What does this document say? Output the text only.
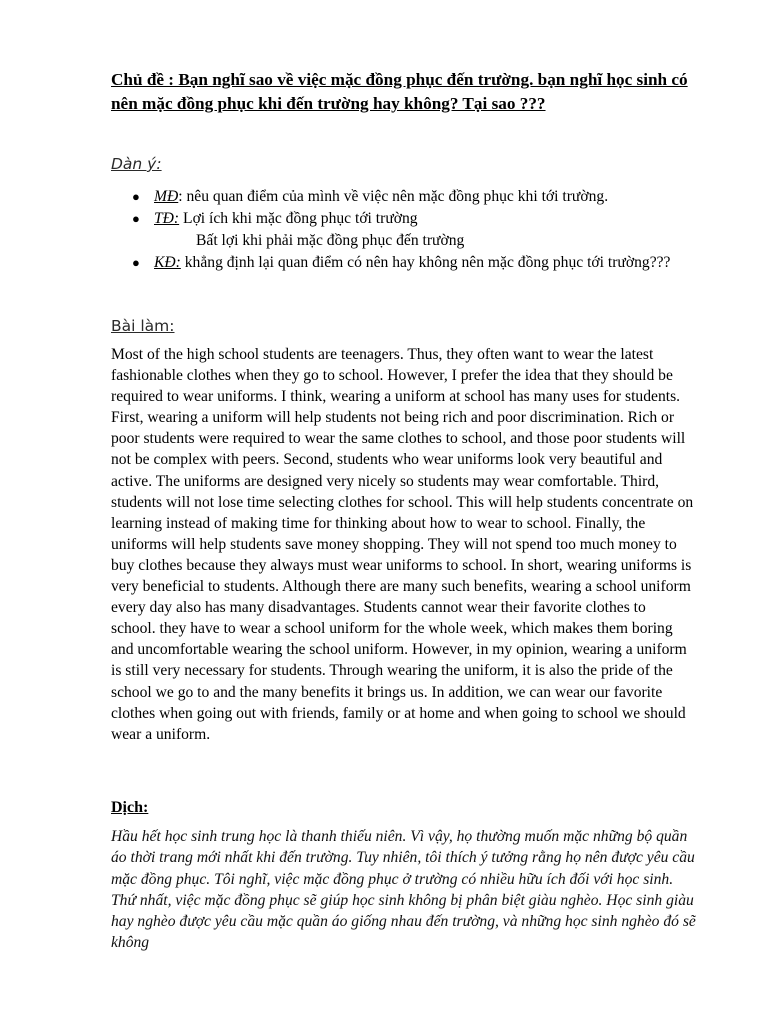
Chủ đề : Bạn nghĩ sao về việc mặc đồng phục đến trường. bạn nghĩ học sinh có nên mặc đồng phục khi đến trường hay không? Tại sao ???
Dàn ý:
● MĐ: nêu quan điểm của mình về việc nên mặc đồng phục khi tới trường.
● TĐ: Lợi ích khi mặc đồng phục tới trường
Bất lợi khi phải mặc đồng phục đến trường
● KĐ: khẳng định lại quan điểm có nên hay không nên mặc đồng phục tới trường???
Bài làm:

Most of the high school students are teenagers. Thus, they often want to wear the latest fashionable clothes when they go to school. However, I prefer the idea that they should be required to wear uniforms. I think, wearing a uniform at school has many uses for students. First, wearing a uniform will help students not being rich and poor discrimination. Rich or poor students were required to wear the same clothes to school, and those poor students will not be complex with peers. Second, students who wear uniforms look very beautiful and active. The uniforms are designed very nicely so students may wear comfortable. Third, students will not lose time selecting clothes for school. This will help students concentrate on learning instead of making time for thinking about how to wear to school. Finally, the uniforms will help students save money shopping. They will not spend too much money to buy clothes because they always must wear uniforms to school. In short, wearing uniforms is very beneficial to students. Although there are many such benefits, wearing a school uniform every day also has many disadvantages. Students cannot wear their favorite clothes to school. they have to wear a school uniform for the whole week, which makes them boring and uncomfortable wearing the school uniform. However, in my opinion, wearing a uniform is still very necessary for students. Through wearing the uniform, it is also the pride of the school we go to and the many benefits it brings us. In addition, we can wear our favorite clothes when going out with friends, family or at home and when going to school we should wear a uniform.

Dịch:

Hầu hết học sinh trung học là thanh thiếu niên. Vì vậy, họ thường muốn mặc những bộ quần áo thời trang mới nhất khi đến trường. Tuy nhiên, tôi thích ý tưởng rằng họ nên được yêu cầu mặc đồng phục. Tôi nghĩ, việc mặc đồng phục ở trường có nhiều hữu ích đối với học sinh. Thứ nhất, việc mặc đồng phục sẽ giúp học sinh không bị phân biệt giàu nghèo. Học sinh giàu hay nghèo được yêu cầu mặc quần áo giống nhau đến trường, và những học sinh nghèo đó sẽ không
